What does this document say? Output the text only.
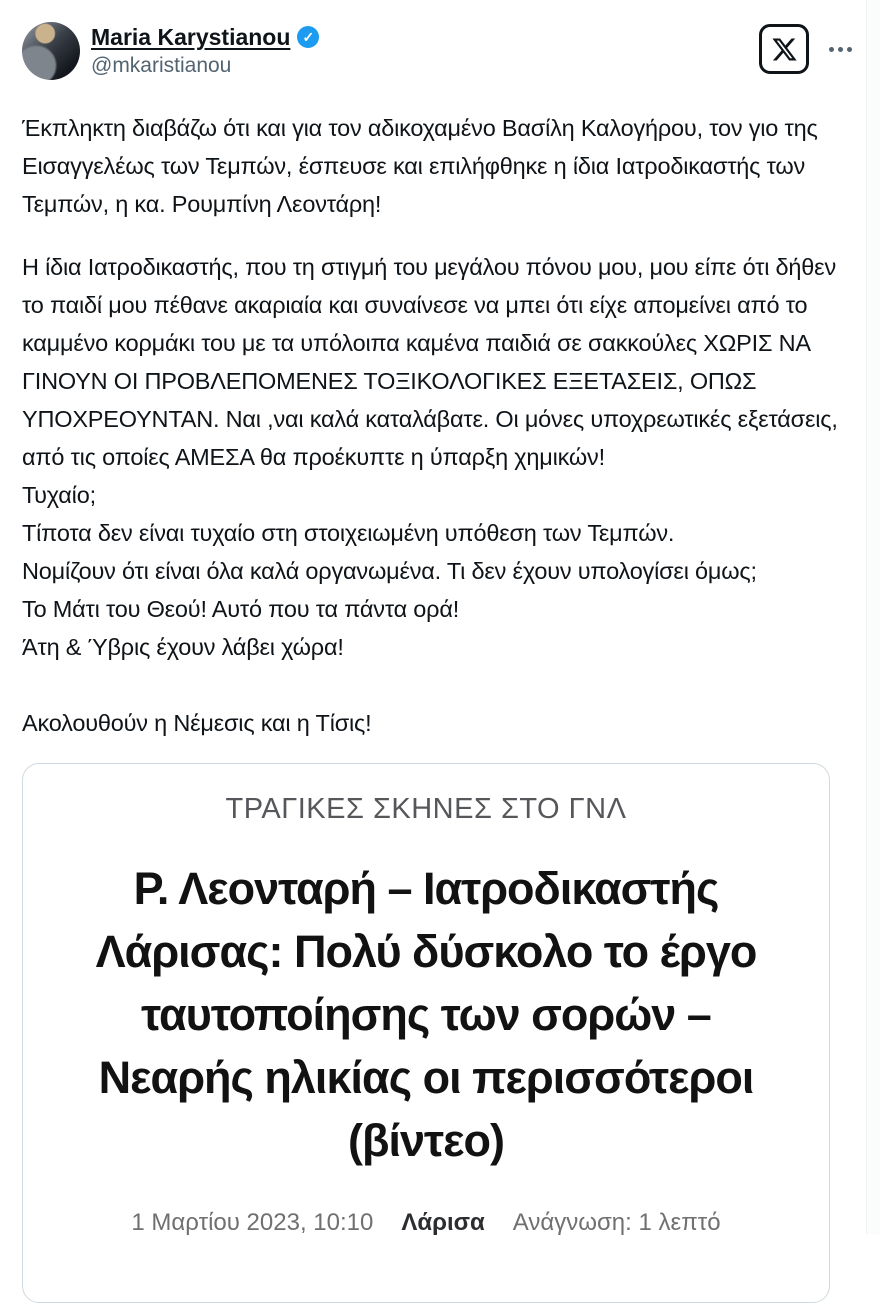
Maria Karystianou ✓
@mkaristianou

Έκπληκτη διαβάζω ότι και για τον αδικοχαμένο Βασίλη Καλογήρου, τον γιο της Εισαγγελέως των Τεμπών, έσπευσε και επιλήφθηκε η ίδια Ιατροδικαστής των Τεμπών, η κα. Ρουμπίνη Λεοντάρη!

Η ίδια Ιατροδικαστής, που τη στιγμή του μεγάλου πόνου μου, μου είπε ότι δήθεν το παιδί μου πέθανε ακαριαία και συναίνεσε να μπει ότι είχε απομείνει από το καμμένο κορμάκι του με τα υπόλοιπα καμένα παιδιά σε σακκούλες ΧΩΡΙΣ ΝΑ ΓΙΝΟΥΝ ΟΙ ΠΡΟΒΛΕΠΟΜΕΝΕΣ ΤΟΞΙΚΟΛΟΓΙΚΕΣ ΕΞΕΤΑΣΕΙΣ, ΟΠΩΣ ΥΠΟΧΡΕΟΥΝΤΑΝ. Ναι ,ναι καλά καταλάβατε. Οι μόνες υποχρεωτικές εξετάσεις, από τις οποίες ΑΜΕΣΑ θα προέκυπτε η ύπαρξη χημικών!
Τυχαίο;
Τίποτα δεν είναι τυχαίο στη στοιχειωμένη υπόθεση των Τεμπών.
Νομίζουν ότι είναι όλα καλά οργανωμένα. Τι δεν έχουν υπολογίσει όμως;
Το Μάτι του Θεού! Αυτό που τα πάντα ορά!
Άτη & Ύβρις έχουν λάβει χώρα!

Ακολουθούν η Νέμεσις και η Τίσις!

ΤΡΑΓΙΚΕΣ ΣΚΗΝΕΣ ΣΤΟ ΓΝΛ
Ρ. Λεονταρή – Ιατροδικαστής
Λάρισας: Πολύ δύσκολο το έργο
ταυτοποίησης των σορών –
Νεαρής ηλικίας οι περισσότεροι
(βίντεο)
1 Μαρτίου 2023, 10:10 Λάρισα Ανάγνωση: 1 λεπτό
